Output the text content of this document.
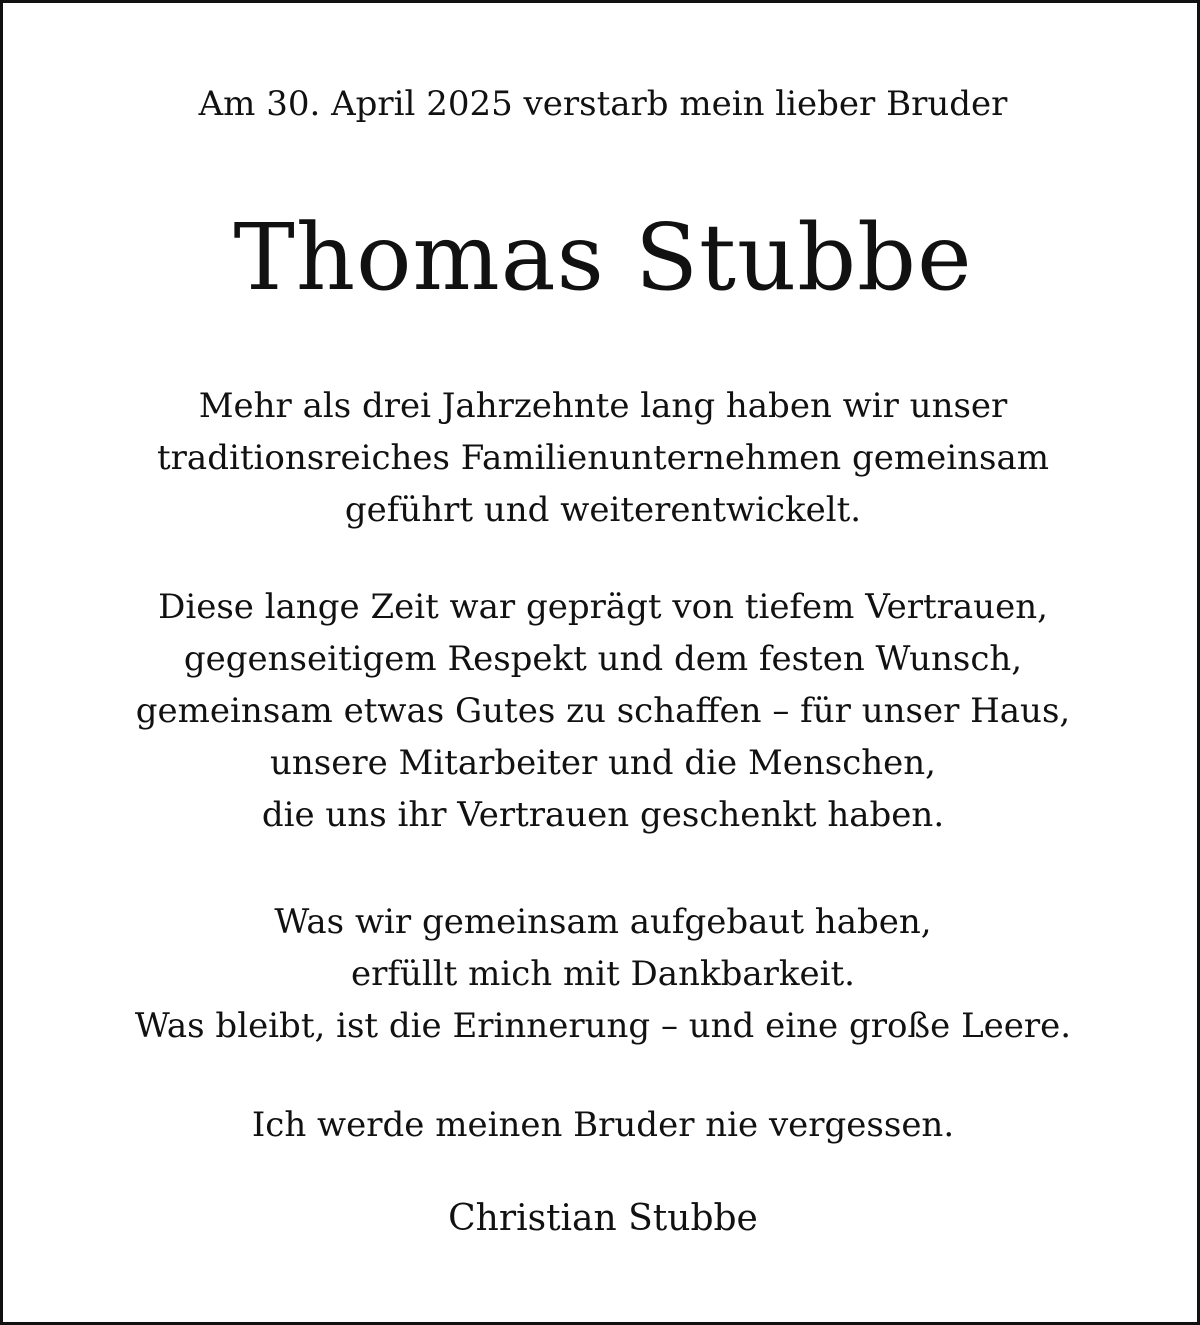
Am 30. April 2025 verstarb mein lieber Bruder

Thomas Stubbe

Mehr als drei Jahrzehnte lang haben wir unser
traditionsreiches Familienunternehmen gemeinsam
geführt und weiterentwickelt.

Diese lange Zeit war geprägt von tiefem Vertrauen,
gegenseitigem Respekt und dem festen Wunsch,
gemeinsam etwas Gutes zu schaffen – für unser Haus,
unsere Mitarbeiter und die Menschen,
die uns ihr Vertrauen geschenkt haben.

Was wir gemeinsam aufgebaut haben,
erfüllt mich mit Dankbarkeit.
Was bleibt, ist die Erinnerung – und eine große Leere.

Ich werde meinen Bruder nie vergessen.

Christian Stubbe
